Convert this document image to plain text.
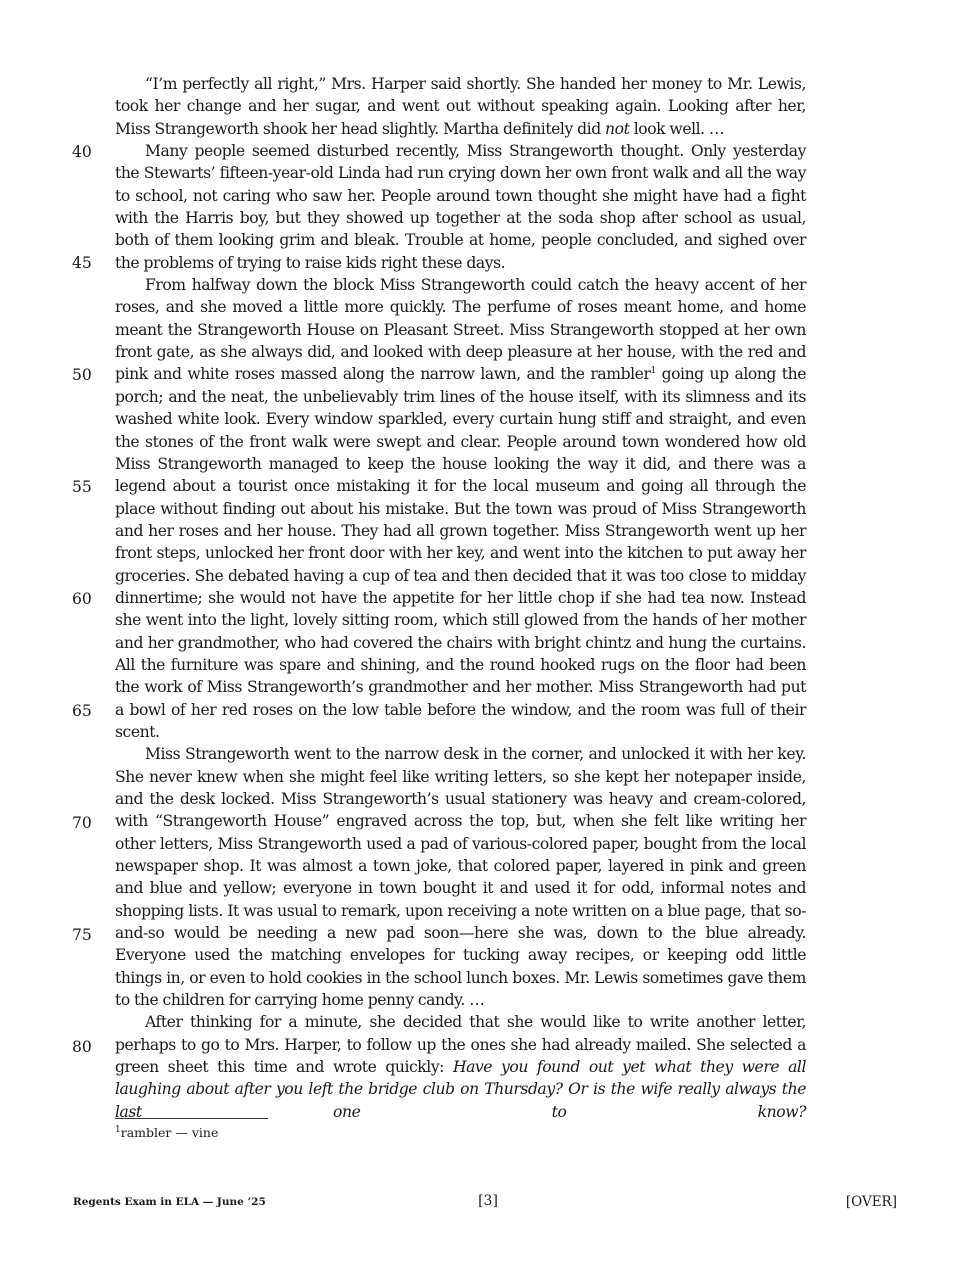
“I’m perfectly all right,” Mrs. Harper said shortly. She handed her money to Mr. Lewis, took her change and her sugar, and went out without speaking again. Looking after her, Miss Strangeworth shook her head slightly. Martha definitely did not look well. …

Many people seemed disturbed recently, Miss Strangeworth thought. Only yesterday the Stewarts’ fifteen-year-old Linda had run crying down her own front walk and all the way to school, not caring who saw her. People around town thought she might have had a fight with the Harris boy, but they showed up together at the soda shop after school as usual, both of them looking grim and bleak. Trouble at home, people concluded, and sighed over the problems of trying to raise kids right these days.

From halfway down the block Miss Strangeworth could catch the heavy accent of her roses, and she moved a little more quickly. The perfume of roses meant home, and home meant the Strangeworth House on Pleasant Street. Miss Strangeworth stopped at her own front gate, as she always did, and looked with deep pleasure at her house, with the red and pink and white roses massed along the narrow lawn, and the rambler$^1$ going up along the porch; and the neat, the unbelievably trim lines of the house itself, with its slimness and its washed white look. Every window sparkled, every curtain hung stiff and straight, and even the stones of the front walk were swept and clear. People around town wondered how old Miss Strangeworth managed to keep the house looking the way it did, and there was a legend about a tourist once mistaking it for the local museum and going all through the place without finding out about his mistake. But the town was proud of Miss Strangeworth and her roses and her house. They had all grown together. Miss Strangeworth went up her front steps, unlocked her front door with her key, and went into the kitchen to put away her groceries. She debated having a cup of tea and then decided that it was too close to midday dinnertime; she would not have the appetite for her little chop if she had tea now. Instead she went into the light, lovely sitting room, which still glowed from the hands of her mother and her grandmother, who had covered the chairs with bright chintz and hung the curtains. All the furniture was spare and shining, and the round hooked rugs on the floor had been the work of Miss Strangeworth’s grandmother and her mother. Miss Strangeworth had put a bowl of her red roses on the low table before the window, and the room was full of their scent.

Miss Strangeworth went to the narrow desk in the corner, and unlocked it with her key. She never knew when she might feel like writing letters, so she kept her notepaper inside, and the desk locked. Miss Strangeworth’s usual stationery was heavy and cream-colored, with “Strangeworth House” engraved across the top, but, when she felt like writing her other letters, Miss Strangeworth used a pad of various-colored paper, bought from the local newspaper shop. It was almost a town joke, that colored paper, layered in pink and green and blue and yellow; everyone in town bought it and used it for odd, informal notes and shopping lists. It was usual to remark, upon receiving a note written on a blue page, that so-and-so would be needing a new pad soon—here she was, down to the blue already. Everyone used the matching envelopes for tucking away recipes, or keeping odd little things in, or even to hold cookies in the school lunch boxes. Mr. Lewis sometimes gave them to the children for carrying home penny candy. …

After thinking for a minute, she decided that she would like to write another letter, perhaps to go to Mrs. Harper, to follow up the ones she had already mailed. She selected a green sheet this time and wrote quickly: Have you found out yet what they were all laughing about after you left the bridge club on Thursday? Or is the wife really always the last one to know?

40
45
50
55
60
65
70
75
80
$^1$rambler — vine
Regents Exam in ELA — June ’25	[3]	[OVER]
